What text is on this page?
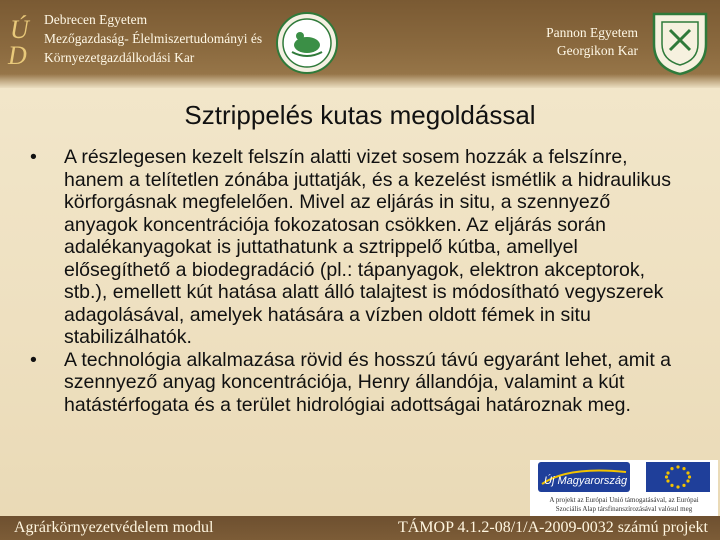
Ú
D
Debrecen Egyetem
Mezőgazdaság- Élelmiszertudományi és
Környezetgazdálkodási Kar
Pannon Egyetem
Georgikon Kar
Sztrippelés kutas megoldással

•	A részlegesen kezelt felszín alatti vizet sosem hozzák a felszínre, hanem a telítetlen zónába juttatják, és a kezelést ismétlik a hidraulikus körforgásnak megfelelően. Mivel az eljárás in situ, a szennyező anyagok koncentrációja fokozatosan csökken. Az eljárás során adalékanyagokat is juttathatunk a sztrippelő kútba, amellyel elősegíthető a biodegradáció (pl.: tápanyagok, elektron akceptorok, stb.), emellett kút hatása alatt álló talajtest is módosítható vegyszerek adagolásával, amelyek hatására a vízben oldott fémek in situ stabilizálhatók.

•	A technológia alkalmazása rövid és hosszú távú egyaránt lehet, amit a szennyező anyag koncentrációja, Henry állandója, valamint a kút hatástérfogata és a terület hidrológiai adottságai határoznak meg.

Új Magyarország
A projekt az Európai Unió támogatásával, az Európai Szociális Alap társfinanszírozásával valósul meg
Agrárkörnyezetvédelem modul	TÁMOP 4.1.2-08/1/A-2009-0032 számú projekt
